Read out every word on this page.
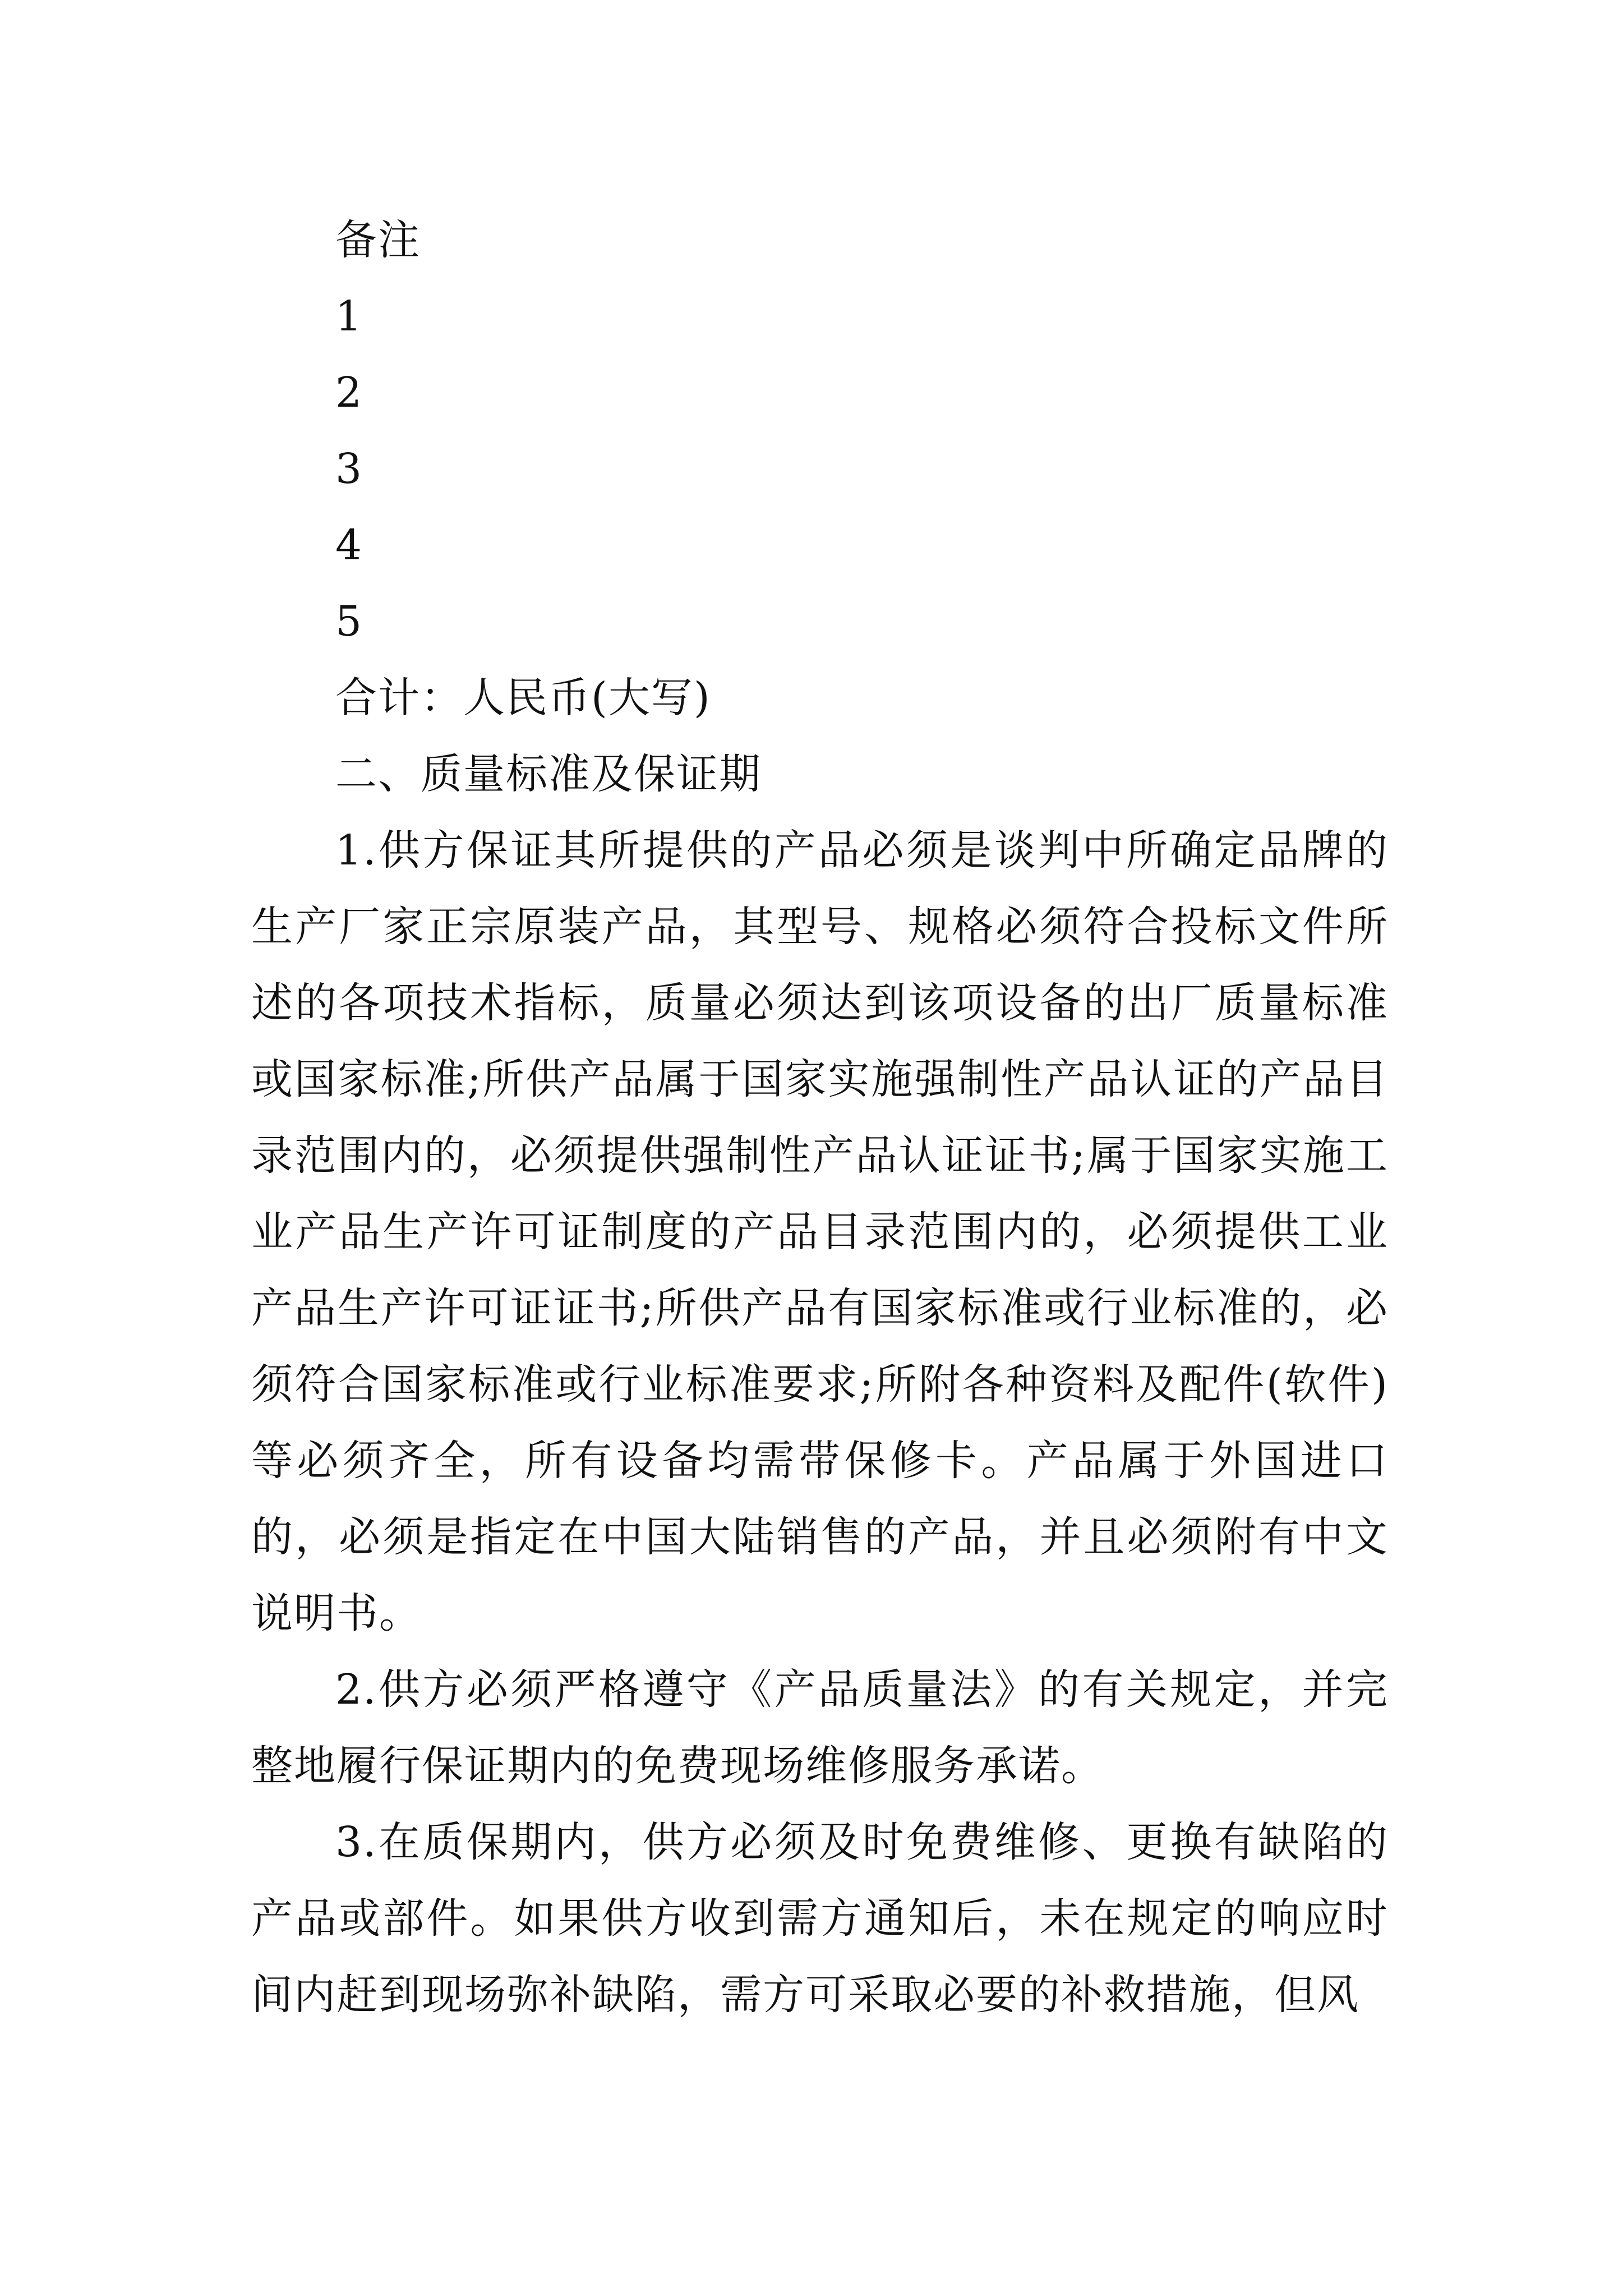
备注
1
2
3
4
5
合计：人民币(大写)
二、质量标准及保证期

1.供方保证其所提供的产品必须是谈判中所确定品牌的生产厂家正宗原装产品，其型号、规格必须符合投标文件所述的各项技术指标，质量必须达到该项设备的出厂质量标准或国家标准;所供产品属于国家实施强制性产品认证的产品目录范围内的，必须提供强制性产品认证证书;属于国家实施工业产品生产许可证制度的产品目录范围内的，必须提供工业产品生产许可证证书;所供产品有国家标准或行业标准的，必须符合国家标准或行业标准要求;所附各种资料及配件(软件)等必须齐全，所有设备均需带保修卡。产品属于外国进口的，必须是指定在中国大陆销售的产品，并且必须附有中文说明书。

2.供方必须严格遵守《产品质量法》的有关规定，并完整地履行保证期内的免费现场维修服务承诺。

3.在质保期内，供方必须及时免费维修、更换有缺陷的产品或部件。如果供方收到需方通知后，未在规定的响应时间内赶到现场弥补缺陷，需方可采取必要的补救措施，但风
